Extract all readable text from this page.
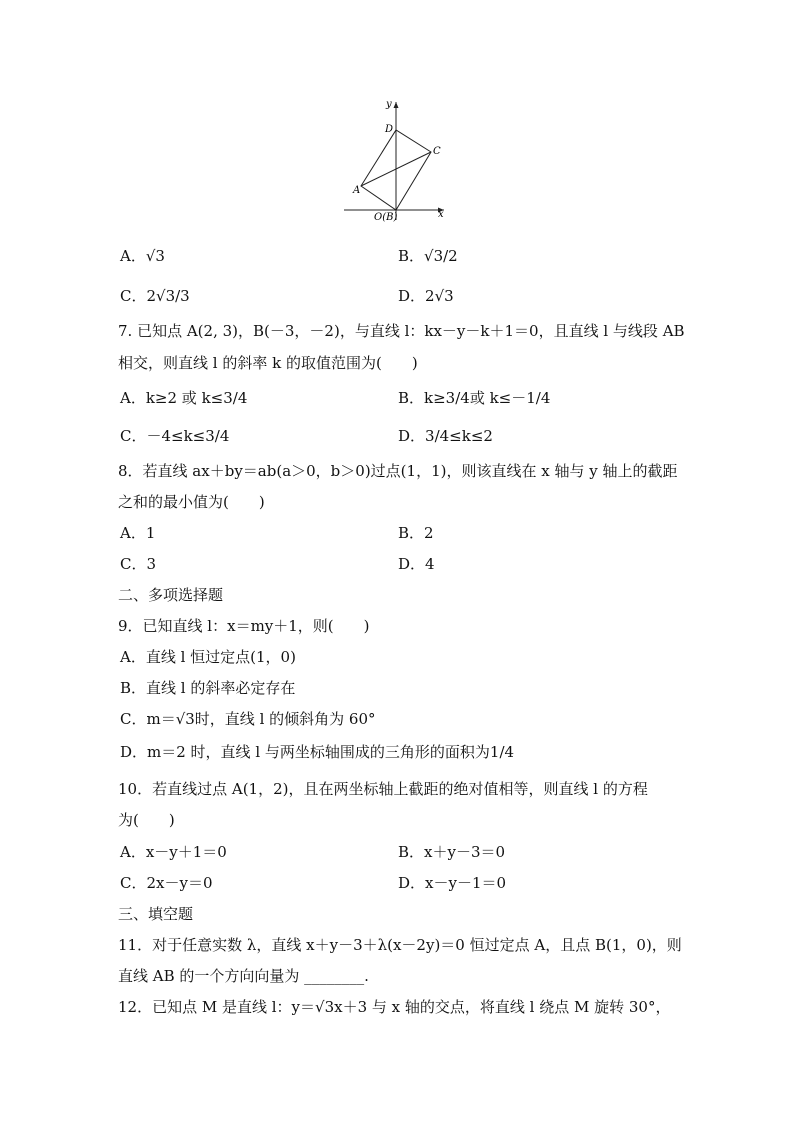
y
x
D
C
A
O(B)
A．√3	B．√3/2
C．2√3/3	D．2√3
7. 已知点 A(2, 3)，B(－3，－2)，与直线 l：kx－y－k＋1＝0，且直线 l 与线段 AB
相交，则直线 l 的斜率 k 的取值范围为(　　)
A．k≥2 或 k≤3/4	B．k≥3/4或 k≤－1/4
C．－4≤k≤3/4	D．3/4≤k≤2
8．若直线 ax＋by＝ab(a＞0，b＞0)过点(1，1)，则该直线在 x 轴与 y 轴上的截距
之和的最小值为(　　)
A．1	B．2
C．3	D．4
二、多项选择题
9．已知直线 l：x＝my＋1，则(　　)
A．直线 l 恒过定点(1，0)
B．直线 l 的斜率必定存在
C．m＝√3时，直线 l 的倾斜角为 60°
D．m＝2 时，直线 l 与两坐标轴围成的三角形的面积为1/4
10．若直线过点 A(1，2)，且在两坐标轴上截距的绝对值相等，则直线 l 的方程
为(　　)
A．x－y＋1＝0	B．x＋y－3＝0
C．2x－y＝0	D．x－y－1＝0
三、填空题
11．对于任意实数 λ，直线 x＋y－3＋λ(x－2y)＝0 恒过定点 A，且点 B(1，0)，则
直线 AB 的一个方向向量为 ________.
12．已知点 M 是直线 l：y＝√3x＋3 与 x 轴的交点，将直线 l 绕点 M 旋转 30°，
